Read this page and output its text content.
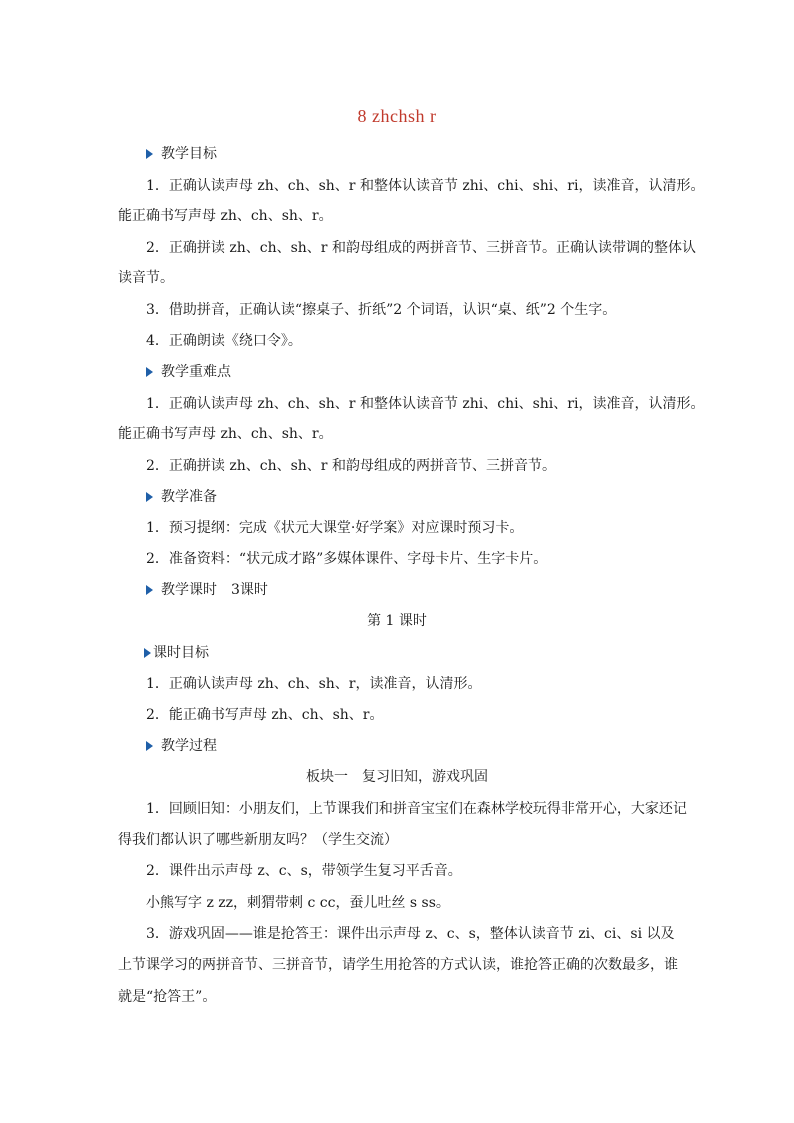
8 zhchsh r
教学目标
1．正确认读声母 zh、ch、sh、r 和整体认读音节 zhi、chi、shi、ri，读准音，认清形。
能正确书写声母 zh、ch、sh、r。
2．正确拼读 zh、ch、sh、r 和韵母组成的两拼音节、三拼音节。正确认读带调的整体认
读音节。
3．借助拼音，正确认读“擦桌子、折纸”2 个词语，认识“桌、纸”2 个生字。
4．正确朗读《绕口令》。
教学重难点
1．正确认读声母 zh、ch、sh、r 和整体认读音节 zhi、chi、shi、ri，读准音，认清形。
能正确书写声母 zh、ch、sh、r。
2．正确拼读 zh、ch、sh、r 和韵母组成的两拼音节、三拼音节。
教学准备
1．预习提纲：完成《状元大课堂·好学案》对应课时预习卡。
2．准备资料：“状元成才路”多媒体课件、字母卡片、生字卡片。
教学课时 3课时
第 1 课时
课时目标
1．正确认读声母 zh、ch、sh、r，读准音，认清形。
2．能正确书写声母 zh、ch、sh、r。
教学过程
板块一　复习旧知，游戏巩固
1．回顾旧知：小朋友们，上节课我们和拼音宝宝们在森林学校玩得非常开心，大家还记
得我们都认识了哪些新朋友吗？（学生交流）
2．课件出示声母 z、c、s，带领学生复习平舌音。
小熊写字 z zz，刺猬带刺 c cc，蚕儿吐丝 s ss。
3．游戏巩固——谁是抢答王：课件出示声母 z、c、s，整体认读音节 zi、ci、si 以及
上节课学习的两拼音节、三拼音节，请学生用抢答的方式认读，谁抢答正确的次数最多，谁
就是“抢答王”。
